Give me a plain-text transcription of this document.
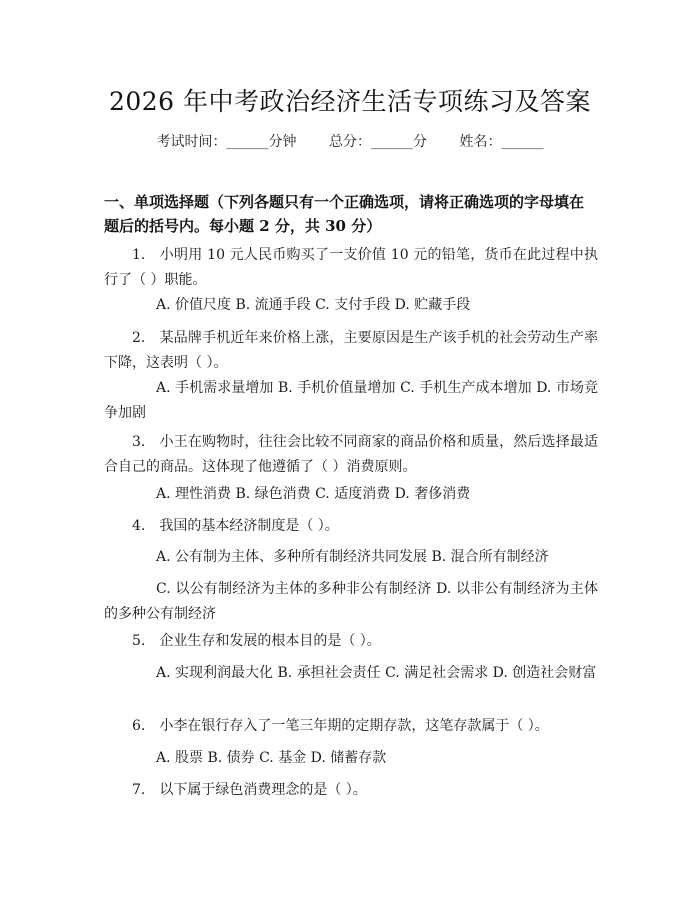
2026 年中考政治经济生活专项练习及答案
考试时间：______分钟 总分：______分 姓名：______
一、单项选择题（下列各题只有一个正确选项，请将正确选项的字母填在题后的括号内。每小题 2 分，共 30 分）
1.　小明用 10 元人民币购买了一支价值 10 元的铅笔，货币在此过程中执行了（ ）职能。
A. 价值尺度 B. 流通手段 C. 支付手段 D. 贮藏手段
2.　某品牌手机近年来价格上涨，主要原因是生产该手机的社会劳动生产率下降，这表明（ ）。
A. 手机需求量增加 B. 手机价值量增加 C. 手机生产成本增加 D. 市场竞争加剧
3.　小王在购物时，往往会比较不同商家的商品价格和质量，然后选择最适合自己的商品。这体现了他遵循了（ ）消费原则。
A. 理性消费 B. 绿色消费 C. 适度消费 D. 奢侈消费
4.　我国的基本经济制度是（ ）。
A. 公有制为主体、多种所有制经济共同发展 B. 混合所有制经济
C. 以公有制经济为主体的多种非公有制经济 D. 以非公有制经济为主体的多种公有制经济
5.　企业生存和发展的根本目的是（ ）。
A. 实现利润最大化 B. 承担社会责任 C. 满足社会需求 D. 创造社会财富
6.　小李在银行存入了一笔三年期的定期存款，这笔存款属于（ ）。
A. 股票 B. 债券 C. 基金 D. 储蓄存款
7.　以下属于绿色消费理念的是（ ）。
